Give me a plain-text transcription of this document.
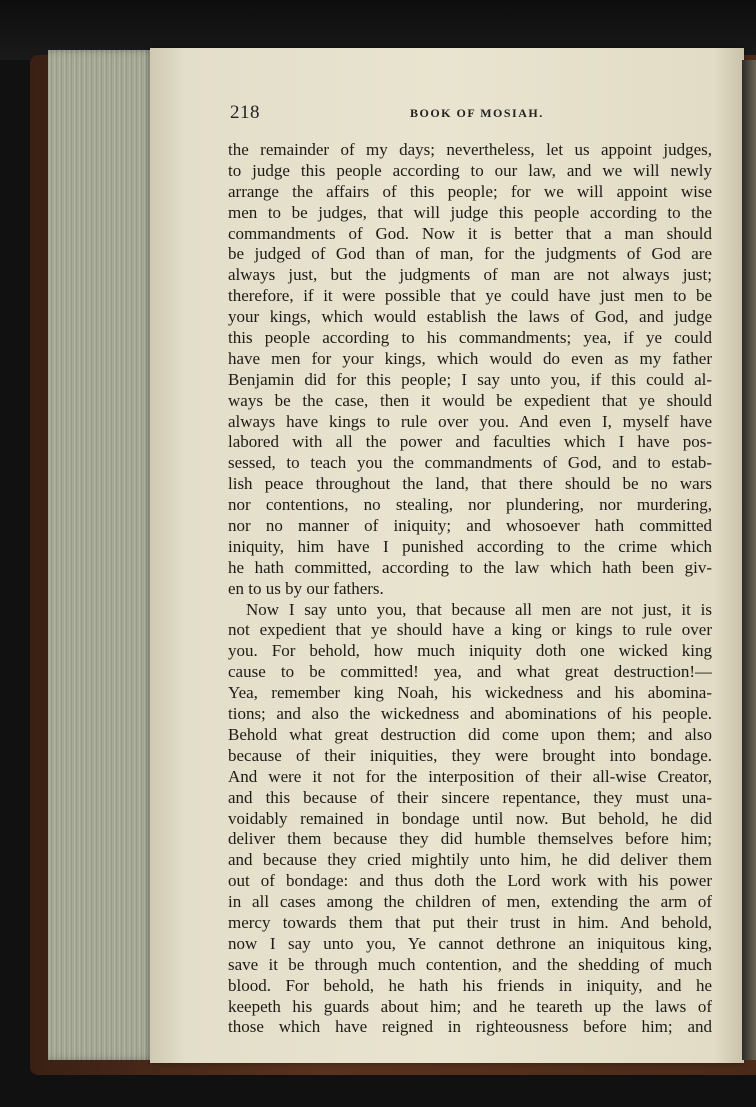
218	BOOK OF MOSIAH.
the remainder of my days; nevertheless, let us appoint judges,
to judge this people according to our law, and we will newly
arrange the affairs of this people; for we will appoint wise
men to be judges, that will judge this people according to the
commandments of God. Now it is better that a man should
be judged of God than of man, for the judgments of God are
always just, but the judgments of man are not always just;
therefore, if it were possible that ye could have just men to be
your kings, which would establish the laws of God, and judge
this people according to his commandments; yea, if ye could
have men for your kings, which would do even as my father
Benjamin did for this people; I say unto you, if this could al-
ways be the case, then it would be expedient that ye should
always have kings to rule over you. And even I, myself have
labored with all the power and faculties which I have pos-
sessed, to teach you the commandments of God, and to estab-
lish peace throughout the land, that there should be no wars
nor contentions, no stealing, nor plundering, nor murdering,
nor no manner of iniquity; and whosoever hath committed
iniquity, him have I punished according to the crime which
he hath committed, according to the law which hath been giv-
en to us by our fathers.
Now I say unto you, that because all men are not just, it is
not expedient that ye should have a king or kings to rule over
you. For behold, how much iniquity doth one wicked king
cause to be committed! yea, and what great destruction!—
Yea, remember king Noah, his wickedness and his abomina-
tions; and also the wickedness and abominations of his people.
Behold what great destruction did come upon them; and also
because of their iniquities, they were brought into bondage.
And were it not for the interposition of their all-wise Creator,
and this because of their sincere repentance, they must una-
voidably remained in bondage until now. But behold, he did
deliver them because they did humble themselves before him;
and because they cried mightily unto him, he did deliver them
out of bondage: and thus doth the Lord work with his power
in all cases among the children of men, extending the arm of
mercy towards them that put their trust in him. And behold,
now I say unto you, Ye cannot dethrone an iniquitous king,
save it be through much contention, and the shedding of much
blood. For behold, he hath his friends in iniquity, and he
keepeth his guards about him; and he teareth up the laws of
those which have reigned in righteousness before him; and
